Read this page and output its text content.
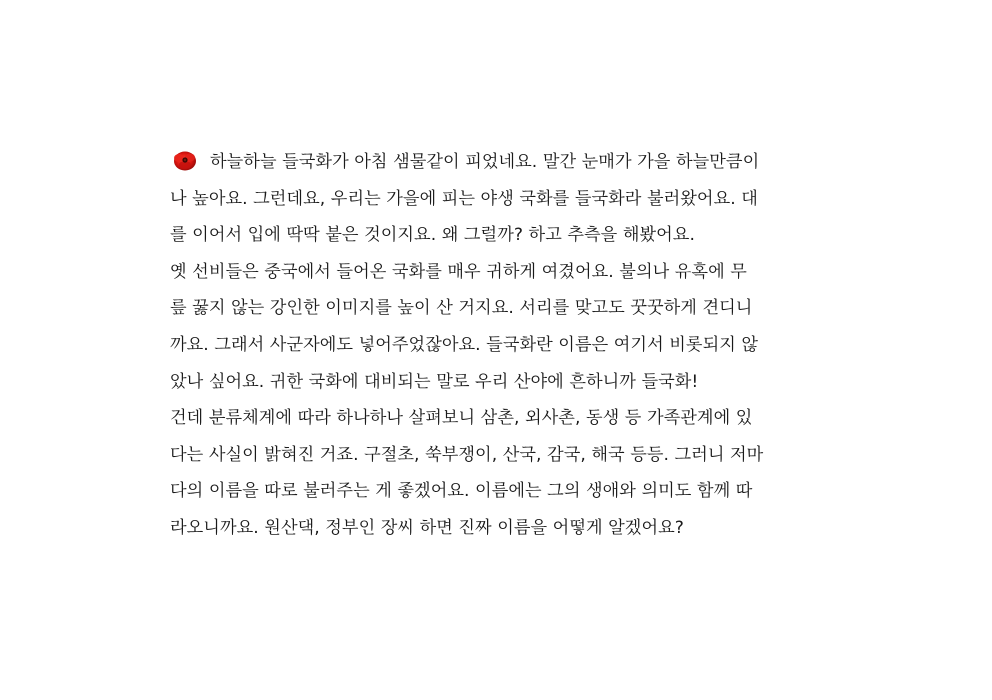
하늘하늘 들국화가 아침 샘물같이 피었네요. 말간 눈매가 가을 하늘만큼이
나 높아요. 그런데요, 우리는 가을에 피는 야생 국화를 들국화라 불러왔어요. 대
를 이어서 입에 딱딱 붙은 것이지요. 왜 그럴까? 하고 추측을 해봤어요.
옛 선비들은 중국에서 들어온 국화를 매우 귀하게 여겼어요. 불의나 유혹에 무
릎 꿇지 않는 강인한 이미지를 높이 산 거지요. 서리를 맞고도 꿋꿋하게 견디니
까요. 그래서 사군자에도 넣어주었잖아요. 들국화란 이름은 여기서 비롯되지 않
았나 싶어요. 귀한 국화에 대비되는 말로 우리 산야에 흔하니까 들국화!
건데 분류체계에 따라 하나하나 살펴보니 삼촌, 외사촌, 동생 등 가족관계에 있
다는 사실이 밝혀진 거죠. 구절초, 쑥부쟁이, 산국, 감국, 해국 등등. 그러니 저마
다의 이름을 따로 불러주는 게 좋겠어요. 이름에는 그의 생애와 의미도 함께 따
라오니까요. 원산댁, 정부인 장씨 하면 진짜 이름을 어떻게 알겠어요?
